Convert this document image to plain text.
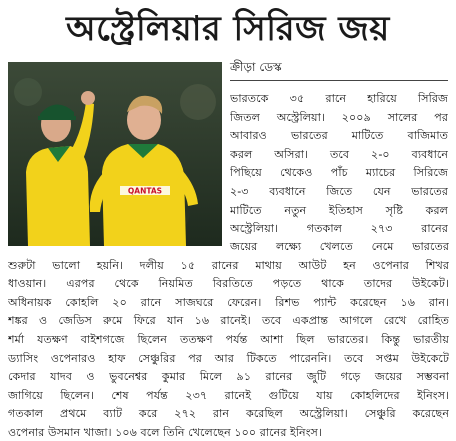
অস্ট্রেলিয়ার সিরিজ জয়
QANTAS
ক্রীড়া ডেস্ক
ভারতকে ৩৫ রানে হারিয়ে সিরিজ
জিতল অস্ট্রেলিয়া। ২০০৯ সালের পর
আবারও ভারতের মাটিতে বাজিমাত
করল অসিরা। তবে ২-০ ব্যবধানে
পিছিয়ে থেকেও পাঁচ ম্যাচের সিরিজে
২-৩ ব্যবধানে জিতে যেন ভারতের
মাটিতে নতুন ইতিহাস সৃষ্টি করল
অস্ট্রেলিয়া। গতকাল ২৭৩ রানের
জয়ের লক্ষ্যে খেলতে নেমে ভারতের
শুরুটা ভালো হয়নি। দলীয় ১৫ রানের মাথায় আউট হন ওপেনার শিখর
ধাওয়ান। এরপর থেকে নিয়মিত বিরতিতে পড়তে থাকে তাদের উইকেট।
অধিনায়ক কোহলি ২০ রানে সাজঘরে ফেরেন। রিশভ প্যান্ট করেছেন ১৬ রান।
শঙ্কর ও জেডিস রুমে ফিরে যান ১৬ রানেই। তবে একপ্রান্ত আগলে রেখে রোহিত
শর্মা যতক্ষণ বাইশগজে ছিলেন ততক্ষণ পর্যন্ত আশা ছিল ভারতের। কিন্তু ভারতীয়
ড্যাসিং ওপেনারও হাফ সেঞ্চুরির পর আর টিকতে পারেননি। তবে সপ্তম উইকেটে
কেদার যাদব ও ভুবনেশ্বর কুমার মিলে ৯১ রানের জুটি গড়ে জয়ের সম্ভবনা
জাগিয়ে ছিলেন। শেষ পর্যন্ত ২৩৭ রানেই গুটিয়ে যায় কোহলিদের ইনিংস।
গতকাল প্রথমে ব্যাট করে ২৭২ রান করেছিল অস্ট্রেলিয়া। সেঞ্চুরি করেছেন
ওপেনার উসমান খাজা। ১০৬ বলে তিনি খেলেছেন ১০০ রানের ইনিংস।
